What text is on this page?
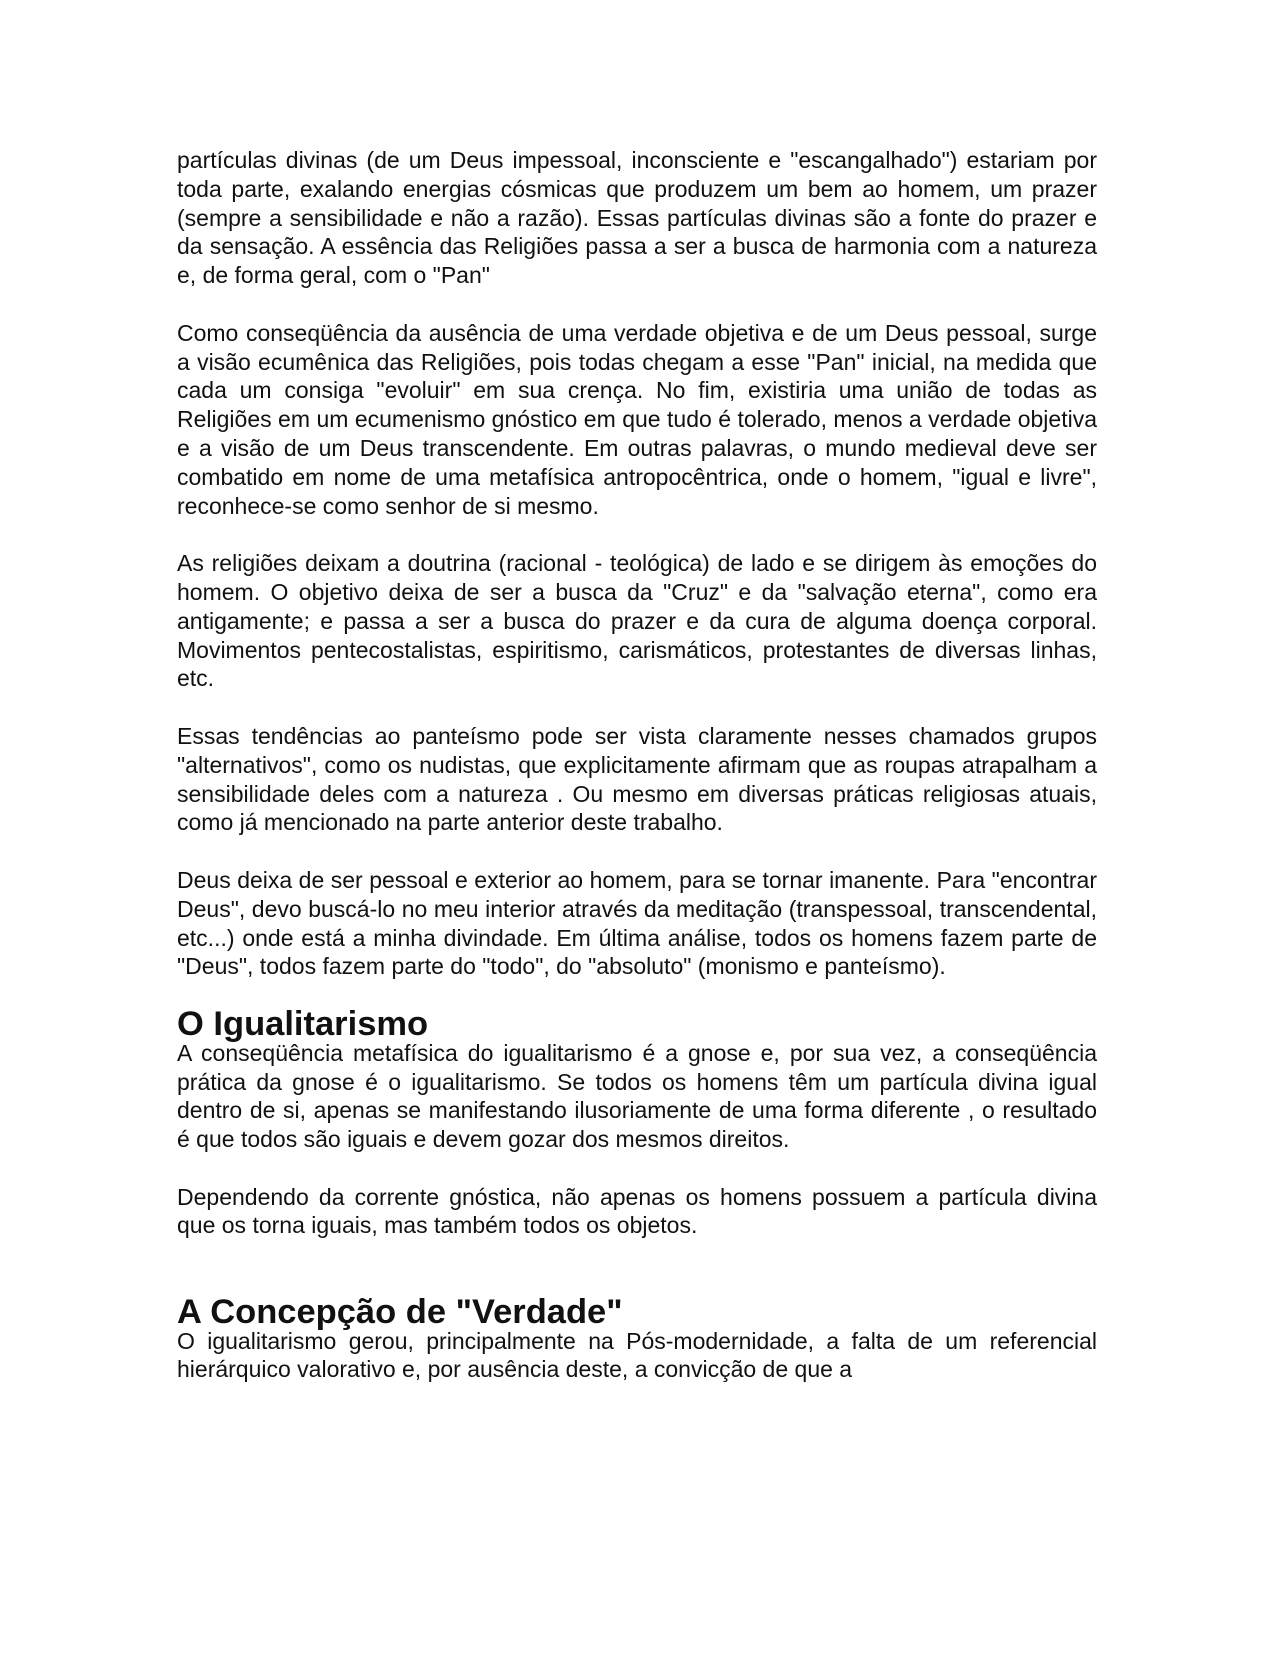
partículas divinas (de um Deus impessoal, inconsciente e "escangalhado") estariam por toda parte, exalando energias cósmicas que produzem um bem ao homem, um prazer (sempre a sensibilidade e não a razão). Essas partículas divinas são a fonte do prazer e da sensação. A essência das Religiões passa a ser a busca de harmonia com a natureza e, de forma geral, com o "Pan"

Como conseqüência da ausência de uma verdade objetiva e de um Deus pessoal, surge a visão ecumênica das Religiões, pois todas chegam a esse "Pan" inicial, na medida que cada um consiga "evoluir" em sua crença. No fim, existiria uma união de todas as Religiões em um ecumenismo gnóstico em que tudo é tolerado, menos a verdade objetiva e a visão de um Deus transcendente. Em outras palavras, o mundo medieval deve ser combatido em nome de uma metafísica antropocêntrica, onde o homem, "igual e livre", reconhece-se como senhor de si mesmo.

As religiões deixam a doutrina (racional - teológica) de lado e se dirigem às emoções do homem. O objetivo deixa de ser a busca da "Cruz" e da "salvação eterna", como era antigamente; e passa a ser a busca do prazer e da cura de alguma doença corporal. Movimentos pentecostalistas, espiritismo, carismáticos, protestantes de diversas linhas, etc.

Essas tendências ao panteísmo pode ser vista claramente nesses chamados grupos "alternativos", como os nudistas, que explicitamente afirmam que as roupas atrapalham a sensibilidade deles com a natureza . Ou mesmo em diversas práticas religiosas atuais, como já mencionado na parte anterior deste trabalho.

Deus deixa de ser pessoal e exterior ao homem, para se tornar imanente. Para "encontrar Deus", devo buscá-lo no meu interior através da meditação (transpessoal, transcendental, etc...) onde está a minha divindade. Em última análise, todos os homens fazem parte de "Deus", todos fazem parte do "todo", do "absoluto" (monismo e panteísmo).

O Igualitarismo

A conseqüência metafísica do igualitarismo é a gnose e, por sua vez, a conseqüência prática da gnose é o igualitarismo. Se todos os homens têm um partícula divina igual dentro de si, apenas se manifestando ilusoriamente de uma forma diferente , o resultado é que todos são iguais e devem gozar dos mesmos direitos.

Dependendo da corrente gnóstica, não apenas os homens possuem a partícula divina que os torna iguais, mas também todos os objetos.

A Concepção de "Verdade"

O igualitarismo gerou, principalmente na Pós-modernidade, a falta de um referencial hierárquico valorativo e, por ausência deste, a convicção de que a
